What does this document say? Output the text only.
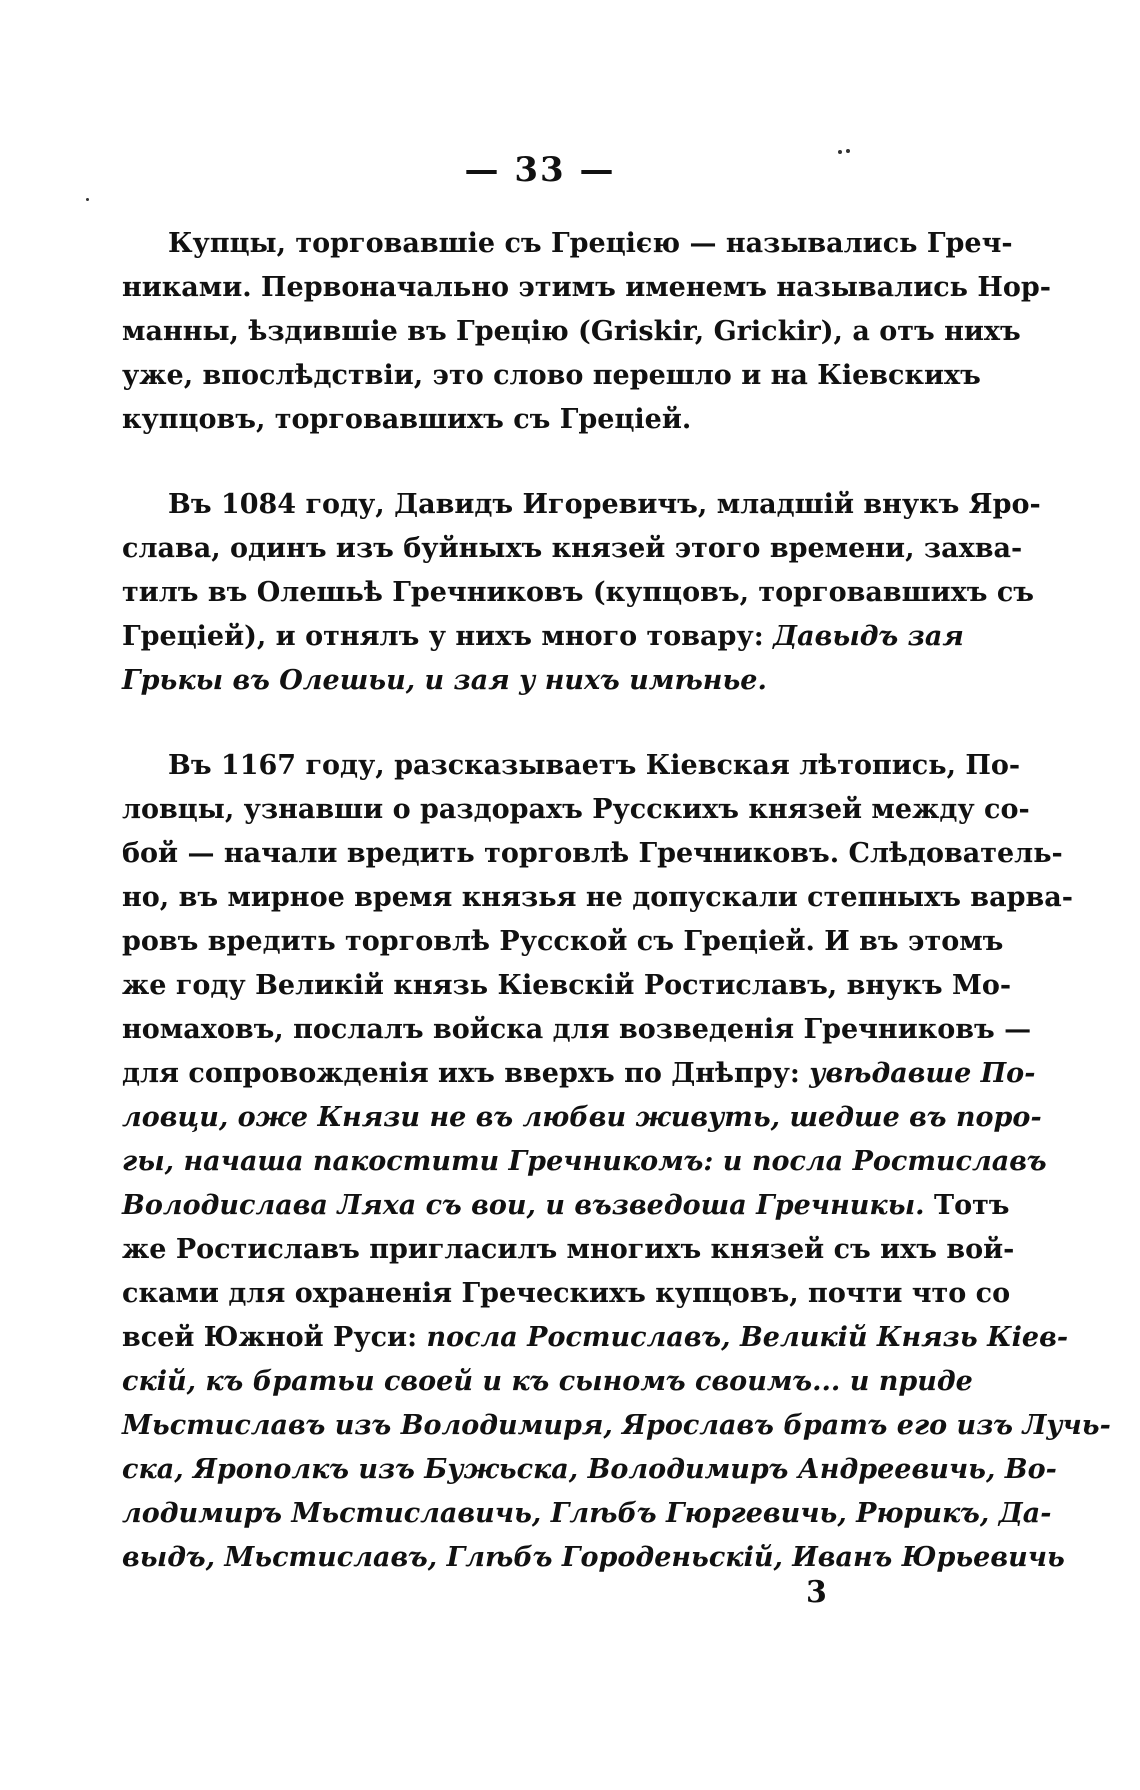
— 33 —
Купцы, торговавшіе съ Грецією — назывались Греч-
никами. Первоначально этимъ именемъ назывались Нор-
манны, ѣздившіе въ Грецію (Griskir, Grickir), а отъ нихъ
уже, впослѣдствіи, это слово перешло и на Кіевскихъ
купцовъ, торговавшихъ съ Греціей.
Въ 1084 году, Давидъ Игоревичъ, младшій внукъ Яро-
слава, одинъ изъ буйныхъ князей этого времени, захва-
тилъ въ Олешьѣ Гречниковъ (купцовъ, торговавшихъ съ
Греціей), и отнялъ у нихъ много товару: Давыдъ зая
Грькы въ Олешьи, и зая у нихъ имѣнье.
Въ 1167 году, разсказываетъ Кіевская лѣтопись, По-
ловцы, узнавши о раздорахъ Русскихъ князей между со-
бой — начали вредить торговлѣ Гречниковъ. Слѣдователь-
но, въ мирное время князья не допускали степныхъ варва-
ровъ вредить торговлѣ Русской съ Греціей. И въ этомъ
же году Великій князь Кіевскій Ростиславъ, внукъ Мо-
номаховъ, послалъ войска для возведенія Гречниковъ —
для сопровожденія ихъ вверхъ по Днѣпру: увѣдавше По-
ловци, оже Князи не въ любви живуть, шедше въ поро-
гы, начаша пакостити Гречникомъ: и посла Ростиславъ
Володислава Ляха съ вои, и възведоша Гречникы. Тотъ
же Ростиславъ пригласилъ многихъ князей съ ихъ вой-
сками для охраненія Греческихъ купцовъ, почти что со
всей Южной Руси: посла Ростиславъ, Великій Князь Кіев-
скій, къ братьи своей и къ сыномъ своимъ... и приде
Мьстиславъ изъ Володимиря, Ярославъ братъ его изъ Лучь-
ска, Ярополкъ изъ Бужьска, Володимиръ Андреевичь, Во-
лодимиръ Мьстиславичь, Глѣбъ Гюргевичь, Рюрикъ, Да-
выдъ, Мьстиславъ, Глѣбъ Городеньскій, Иванъ Юрьевичь
3
